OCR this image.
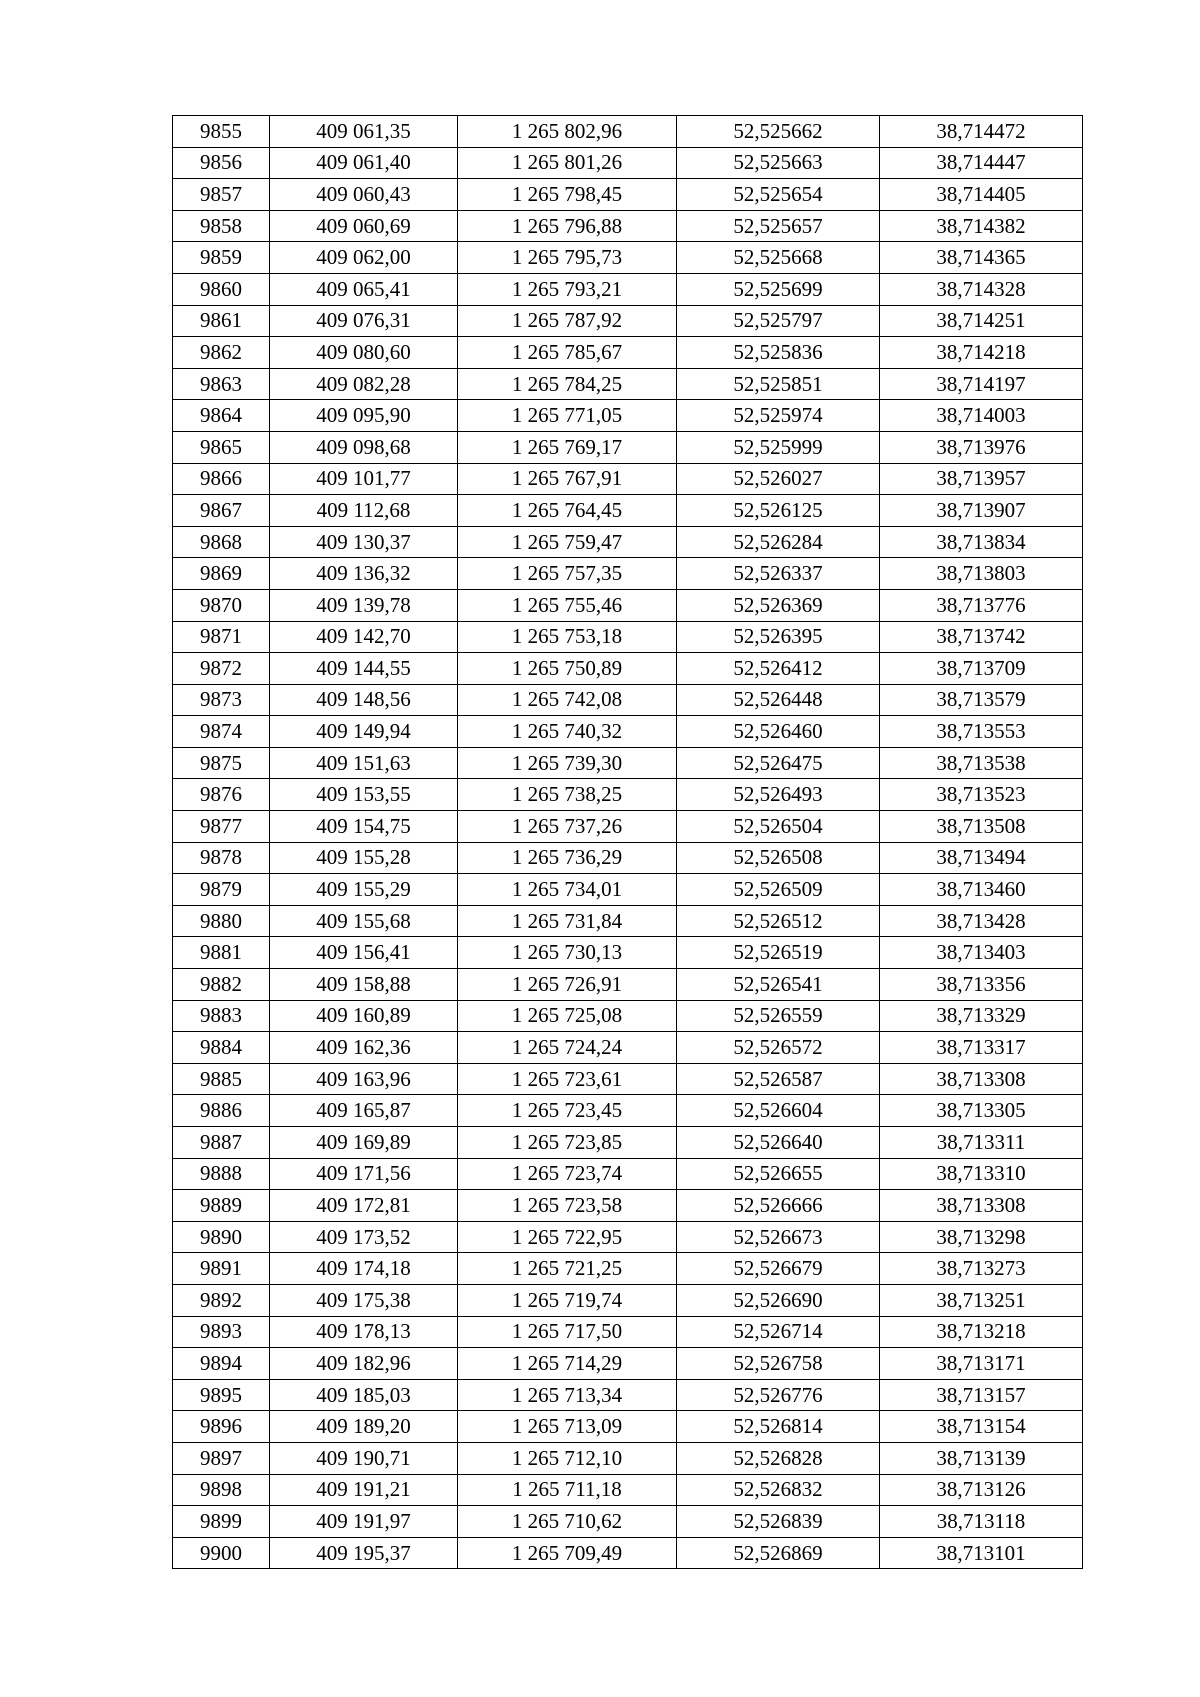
9855	409 061,35	1 265 802,96	52,525662	38,714472
9856	409 061,40	1 265 801,26	52,525663	38,714447
9857	409 060,43	1 265 798,45	52,525654	38,714405
9858	409 060,69	1 265 796,88	52,525657	38,714382
9859	409 062,00	1 265 795,73	52,525668	38,714365
9860	409 065,41	1 265 793,21	52,525699	38,714328
9861	409 076,31	1 265 787,92	52,525797	38,714251
9862	409 080,60	1 265 785,67	52,525836	38,714218
9863	409 082,28	1 265 784,25	52,525851	38,714197
9864	409 095,90	1 265 771,05	52,525974	38,714003
9865	409 098,68	1 265 769,17	52,525999	38,713976
9866	409 101,77	1 265 767,91	52,526027	38,713957
9867	409 112,68	1 265 764,45	52,526125	38,713907
9868	409 130,37	1 265 759,47	52,526284	38,713834
9869	409 136,32	1 265 757,35	52,526337	38,713803
9870	409 139,78	1 265 755,46	52,526369	38,713776
9871	409 142,70	1 265 753,18	52,526395	38,713742
9872	409 144,55	1 265 750,89	52,526412	38,713709
9873	409 148,56	1 265 742,08	52,526448	38,713579
9874	409 149,94	1 265 740,32	52,526460	38,713553
9875	409 151,63	1 265 739,30	52,526475	38,713538
9876	409 153,55	1 265 738,25	52,526493	38,713523
9877	409 154,75	1 265 737,26	52,526504	38,713508
9878	409 155,28	1 265 736,29	52,526508	38,713494
9879	409 155,29	1 265 734,01	52,526509	38,713460
9880	409 155,68	1 265 731,84	52,526512	38,713428
9881	409 156,41	1 265 730,13	52,526519	38,713403
9882	409 158,88	1 265 726,91	52,526541	38,713356
9883	409 160,89	1 265 725,08	52,526559	38,713329
9884	409 162,36	1 265 724,24	52,526572	38,713317
9885	409 163,96	1 265 723,61	52,526587	38,713308
9886	409 165,87	1 265 723,45	52,526604	38,713305
9887	409 169,89	1 265 723,85	52,526640	38,713311
9888	409 171,56	1 265 723,74	52,526655	38,713310
9889	409 172,81	1 265 723,58	52,526666	38,713308
9890	409 173,52	1 265 722,95	52,526673	38,713298
9891	409 174,18	1 265 721,25	52,526679	38,713273
9892	409 175,38	1 265 719,74	52,526690	38,713251
9893	409 178,13	1 265 717,50	52,526714	38,713218
9894	409 182,96	1 265 714,29	52,526758	38,713171
9895	409 185,03	1 265 713,34	52,526776	38,713157
9896	409 189,20	1 265 713,09	52,526814	38,713154
9897	409 190,71	1 265 712,10	52,526828	38,713139
9898	409 191,21	1 265 711,18	52,526832	38,713126
9899	409 191,97	1 265 710,62	52,526839	38,713118
9900	409 195,37	1 265 709,49	52,526869	38,713101
